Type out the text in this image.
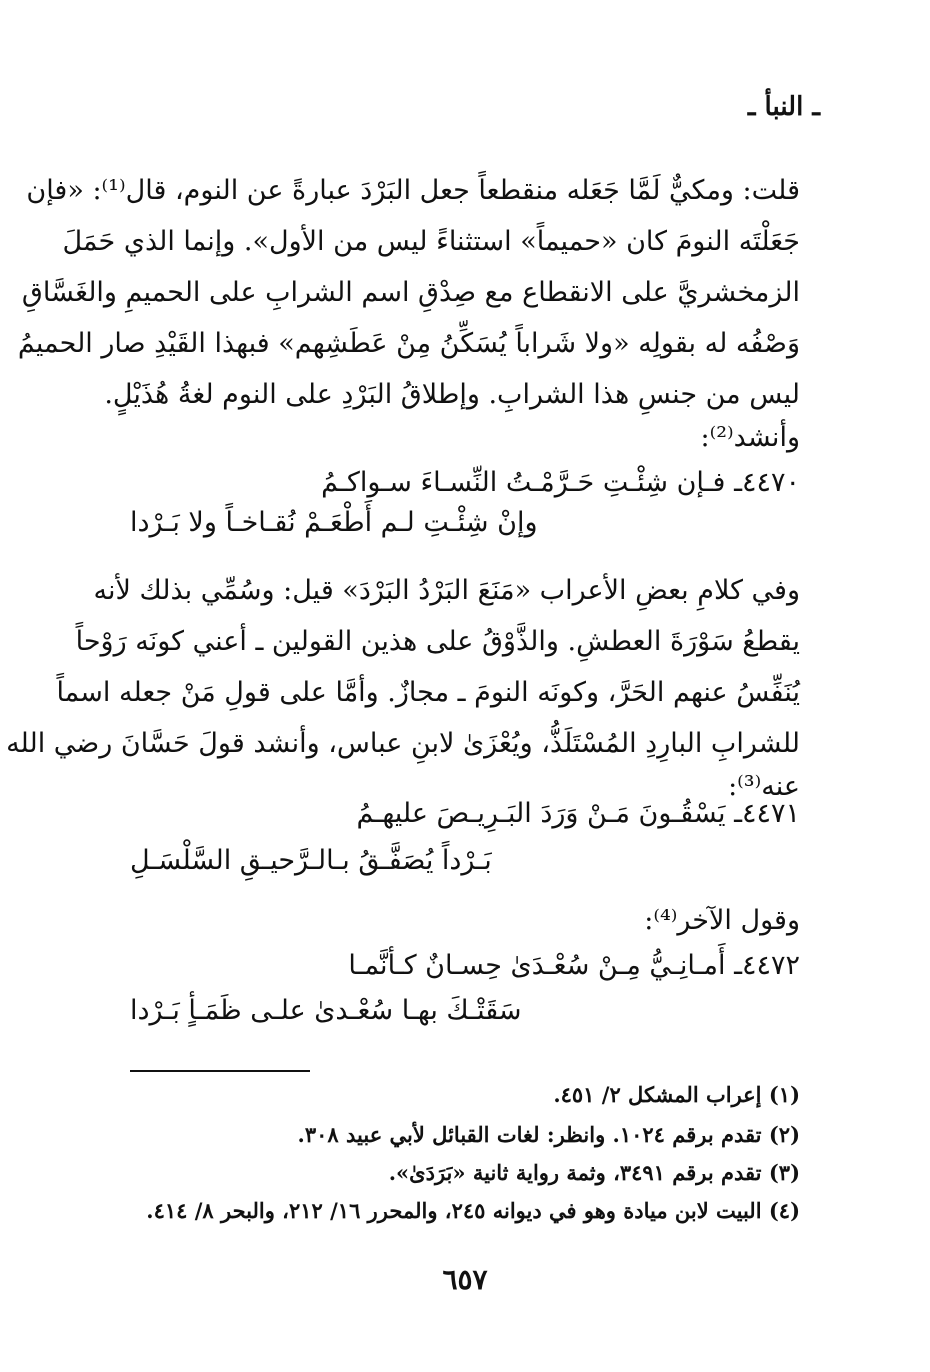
ـ النبأ ـ
قلت: ومكيٌّ لَمَّا جَعَله منقطعاً جعل البَرْدَ عبارةً عن النوم، قال⁽¹⁾: «فإن
جَعَلْتَه النومَ كان «حميماً» استثناءً ليس من الأول». وإنما الذي حَمَلَ
الزمخشريَّ على الانقطاع مع صِدْقِ اسم الشرابِ على الحميمِ والغَسَّاقِ
وَصْفُه له بقولِه «ولا شَراباً يُسَكِّنُ مِنْ عَطَشِهم» فبهذا القَيْدِ صار الحميمُ
ليس من جنسِ هذا الشرابِ. وإطلاقُ البَرْدِ على النوم لغةُ هُذَيْلٍ.
وأنشد⁽²⁾:
٤٤٧٠ـ فـإن شِئْـتِ حَـرَّمْـتُ النِّسـاءَ سـواكـمُ
وإنْ شِئْـتِ لـم أَطْعَـمْ نُقـاخـاً ولا بَـرْدا
وفي كلامِ بعضِ الأعراب «مَنَعَ البَرْدُ البَرْدَ» قيل: وسُمِّي بذلك لأنه
يقطعُ سَوْرَةَ العطشِ. والذَّوْقُ على هذين القولين ـ أعني كونَه رَوْحاً
يُنَفِّسُ عنهم الحَرَّ، وكونَه النومَ ـ مجازٌ. وأمَّا على قولِ مَنْ جعله اسماً
للشرابِ البارِدِ المُسْتَلَذُّ، ويُعْزَىٰ لابنِ عباس، وأنشد قولَ حَسَّانَ رضي الله
عنه⁽³⁾:
٤٤٧١ـ يَسْقُـونَ مَـنْ وَرَدَ البَـرِيـصَ عليهـمُ
بَـرْداً يُصَفَّـقُ بـالـرَّحيـقِ السَّلْسَـلِ
وقول الآخر⁽⁴⁾:
٤٤٧٢ـ أَمـانِـيُّ مِـنْ سُعْـدَىٰ حِسـانٌ كـأنَّمـا
سَقَتْـكَ بهـا سُعْـدىٰ علـى ظَمَـأٍ بَـرْدا
(١) إعراب المشكل ٢/ ٤٥١.
(٢) تقدم برقم ١٠٢٤. وانظر: لغات القبائل لأبي عبيد ٣٠٨.
(٣) تقدم برقم ٣٤٩١، وثمة رواية ثانية «بَرَدَىٰ».
(٤) البيت لابن ميادة وهو في ديوانه ٢٤٥، والمحرر ١٦/ ٢١٢، والبحر ٨/ ٤١٤.
٦٥٧
